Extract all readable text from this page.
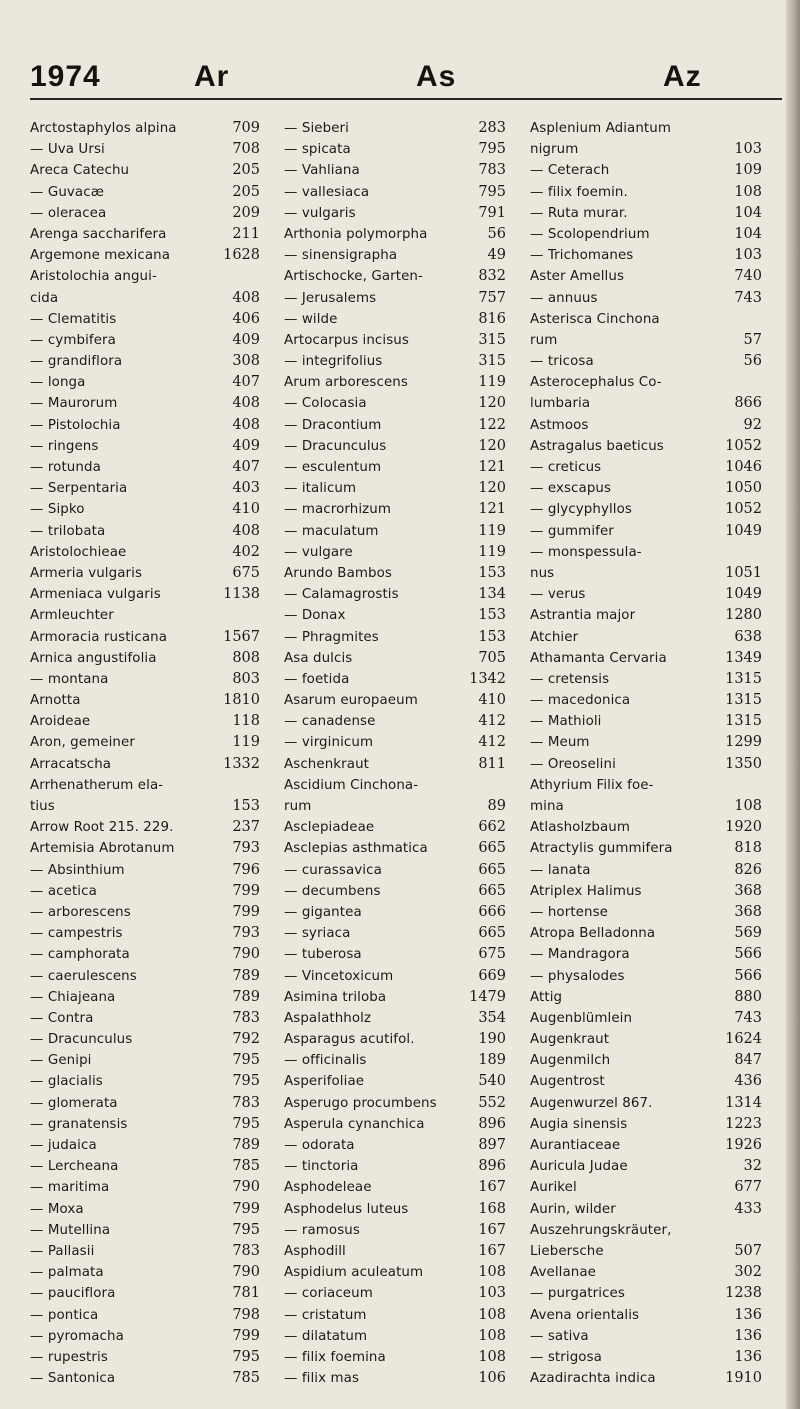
1974	Ar	As	Az
Arctostaphylos alpina	709
— Uva Ursi	708
Areca Catechu	205
— Guvacæ	205
— oleracea	209
Arenga saccharifera	211
Argemone mexicana	1628
Aristolochia angui-
cida	408
— Clematitis	406
— cymbifera	409
— grandiflora	308
— longa	407
— Maurorum	408
— Pistolochia	408
— ringens	409
— rotunda	407
— Serpentaria	403
— Sipko	410
— trilobata	408
Aristolochieae	402
Armeria vulgaris	675
Armeniaca vulgaris	1138
Armleuchter
Armoracia rusticana	1567
Arnica angustifolia	808
— montana	803
Arnotta	1810
Aroideae	118
Aron, gemeiner	119
Arracatscha	1332
Arrhenatherum ela-
tius	153
Arrow Root 215. 229.	237
Artemisia Abrotanum	793
— Absinthium	796
— acetica	799
— arborescens	799
— campestris	793
— camphorata	790
— caerulescens	789
— Chiajeana	789
— Contra	783
— Dracunculus	792
— Genipi	795
— glacialis	795
— glomerata	783
— granatensis	795
— judaica	789
— Lercheana	785
— maritima	790
— Moxa	799
— Mutellina	795
— Pallasii	783
— palmata	790
— pauciflora	781
— pontica	798
— pyromacha	799
— rupestris	795
— Santonica	785
— Sieberi	283
— spicata	795
— Vahliana	783
— vallesiaca	795
— vulgaris	791
Arthonia polymorpha	56
— sinensigrapha	49
Artischocke, Garten-	832
— Jerusalems	757
— wilde	816
Artocarpus incisus	315
— integrifolius	315
Arum arborescens	119
— Colocasia	120
— Dracontium	122
— Dracunculus	120
— esculentum	121
— italicum	120
— macrorhizum	121
— maculatum	119
— vulgare	119
Arundo Bambos	153
— Calamagrostis	134
— Donax	153
— Phragmites	153
Asa dulcis	705
— foetida	1342
Asarum europaeum	410
— canadense	412
— virginicum	412
Aschenkraut	811
Ascidium Cinchona-
rum	89
Asclepiadeae	662
Asclepias asthmatica	665
— curassavica	665
— decumbens	665
— gigantea	666
— syriaca	665
— tuberosa	675
— Vincetoxicum	669
Asimina triloba	1479
Aspalathholz	354
Asparagus acutifol.	190
— officinalis	189
Asperifoliae	540
Asperugo procumbens	552
Asperula cynanchica	896
— odorata	897
— tinctoria	896
Asphodeleae	167
Asphodelus luteus	168
— ramosus	167
Asphodill	167
Aspidium aculeatum	108
— coriaceum	103
— cristatum	108
— dilatatum	108
— filix foemina	108
— filix mas	106
Asplenium Adiantum
nigrum	103
— Ceterach	109
— filix foemin.	108
— Ruta murar.	104
— Scolopendrium	104
— Trichomanes	103
Aster Amellus	740
— annuus	743
Asterisca Cinchona
rum	57
— tricosa	56
Asterocephalus Co-
lumbaria	866
Astmoos	92
Astragalus baeticus	1052
— creticus	1046
— exscapus	1050
— glycyphyllos	1052
— gummifer	1049
— monspessula-
nus	1051
— verus	1049
Astrantia major	1280
Atchier	638
Athamanta Cervaria	1349
— cretensis	1315
— macedonica	1315
— Mathioli	1315
— Meum	1299
— Oreoselini	1350
Athyrium Filix foe-
mina	108
Atlasholzbaum	1920
Atractylis gummifera	818
— lanata	826
Atriplex Halimus	368
— hortense	368
Atropa Belladonna	569
— Mandragora	566
— physalodes	566
Attig	880
Augenblümlein	743
Augenkraut	1624
Augenmilch	847
Augentrost	436
Augenwurzel 867.	1314
Augia sinensis	1223
Aurantiaceae	1926
Auricula Judae	32
Aurikel	677
Aurin, wilder	433
Auszehrungskräuter,
Liebersche	507
Avellanae	302
— purgatrices	1238
Avena orientalis	136
— sativa	136
— strigosa	136
Azadirachta indica	1910
